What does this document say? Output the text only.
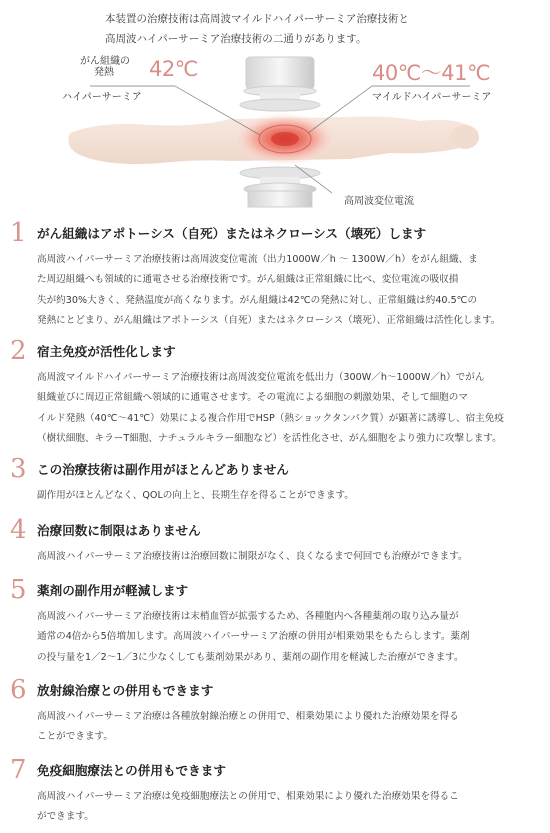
本装置の治療技術は高周波マイルドハイパーサーミア治療技術と
高周波ハイパーサーミア治療技術の二通りがあります。
がん組織の
発熱	42℃
ハイパーサーミア
40℃〜41℃
マイルドハイパーサーミア
高周波変位電流
1 がん組織はアポトーシス（自死）またはネクローシス（壊死）します

高周波ハイパーサーミア治療技術は高周波変位電流（出力1000W／h 〜 1300W／h）をがん組織、ま
た周辺組織へも領域的に通電させる治療技術です。がん組織は正常組織に比べ、変位電流の吸収損
失が約30%大きく、発熱温度が高くなります。がん組織は42℃の発熱に対し、正常組織は約40.5℃の
発熱にとどまり、がん組織はアポトーシス（自死）またはネクローシス（壊死）、正常組織は活性化します。

2 宿主免疫が活性化します

高周波マイルドハイパーサーミア治療技術は高周波変位電流を低出力（300W／h〜1000W／h）でがん
組織並びに周辺正常組織へ領域的に通電させます。その電流による細胞の刺激効果、そして細胞のマ
イルド発熱（40℃〜41℃）効果による複合作用でHSP（熱ショックタンパク質）が顕著に誘導し、宿主免疫
（樹状細胞、キラーT細胞、ナチュラルキラー細胞など）を活性化させ、がん細胞をより強力に攻撃します。

3 この治療技術は副作用がほとんどありません

副作用がほとんどなく、QOLの向上と、長期生存を得ることができます。

4 治療回数に制限はありません

高周波ハイパーサーミア治療技術は治療回数に制限がなく、良くなるまで何回でも治療ができます。

5 薬剤の副作用が軽減します

高周波ハイパーサーミア治療技術は末梢血管が拡張するため、各種胞内へ各種薬剤の取り込み量が
通常の4倍から5倍増加します。高周波ハイパーサーミア治療の併用が相乗効果をもたらします。薬剤
の投与量を1／2〜1／3に少なくしても薬剤効果があり、薬剤の副作用を軽減した治療ができます。

6 放射線治療との併用もできます

高周波ハイパーサーミア治療は各種放射線治療との併用で、相乗効果により優れた治療効果を得る
ことができます。

7 免疫細胞療法との併用もできます

高周波ハイパーサーミア治療は免疫細胞療法との併用で、相乗効果により優れた治療効果を得るこ
ができます。
